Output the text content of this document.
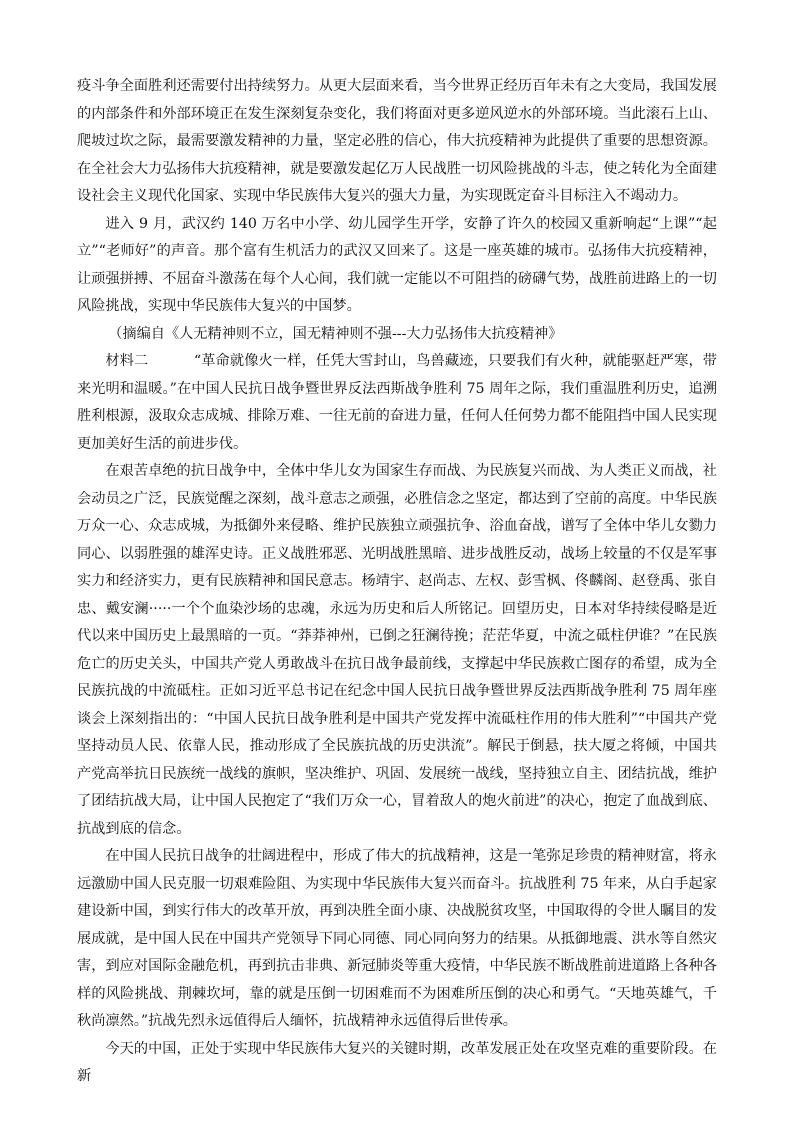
疫斗争全面胜利还需要付出持续努力。从更大层面来看，当今世界正经历百年未有之大变局，我国发展的内部条件和外部环境正在发生深刻复杂变化，我们将面对更多逆风逆水的外部环境。当此滚石上山、爬坡过坎之际，最需要激发精神的力量，坚定必胜的信心，伟大抗疫精神为此提供了重要的思想资源。在全社会大力弘扬伟大抗疫精神，就是要激发起亿万人民战胜一切风险挑战的斗志，使之转化为全面建设社会主义现代化国家、实现中华民族伟大复兴的强大力量，为实现既定奋斗目标注入不竭动力。

进入 9 月，武汉约 140 万名中小学、幼儿园学生开学，安静了许久的校园又重新响起“上课”“起立”“老师好”的声音。那个富有生机活力的武汉又回来了。这是一座英雄的城市。弘扬伟大抗疫精神，让顽强拼搏、不屈奋斗激荡在每个人心间，我们就一定能以不可阻挡的磅礴气势，战胜前进路上的一切风险挑战，实现中华民族伟大复兴的中国梦。

（摘编自《人无精神则不立，国无精神则不强---大力弘扬伟大抗疫精神》

材料二	“革命就像火一样，任凭大雪封山，鸟兽藏迹，只要我们有火种，就能驱赶严寒，带来光明和温暖。”在中国人民抗日战争暨世界反法西斯战争胜利 75 周年之际，我们重温胜利历史，追溯胜利根源，汲取众志成城、排除万难、一往无前的奋进力量，任何人任何势力都不能阻挡中国人民实现更加美好生活的前进步伐。

在艰苦卓绝的抗日战争中，全体中华儿女为国家生存而战、为民族复兴而战、为人类正义而战，社会动员之广泛，民族觉醒之深刻，战斗意志之顽强，必胜信念之坚定，都达到了空前的高度。中华民族万众一心、众志成城，为抵御外来侵略、维护民族独立顽强抗争、浴血奋战，谱写了全体中华儿女勠力同心、以弱胜强的雄浑史诗。正义战胜邪恶、光明战胜黑暗、进步战胜反动，战场上较量的不仅是军事实力和经济实力，更有民族精神和国民意志。杨靖宇、赵尚志、左权、彭雪枫、佟麟阁、赵登禹、张自忠、戴安澜·····一个个血染沙场的忠魂，永远为历史和后人所铭记。回望历史，日本对华持续侵略是近代以来中国历史上最黑暗的一页。“莽莽神州，已倒之狂澜待挽；茫茫华夏，中流之砥柱伊谁？”在民族危亡的历史关头，中国共产党人勇敢战斗在抗日战争最前线，支撑起中华民族救亡图存的希望，成为全民族抗战的中流砥柱。正如习近平总书记在纪念中国人民抗日战争暨世界反法西斯战争胜利 75 周年座谈会上深刻指出的：“中国人民抗日战争胜利是中国共产党发挥中流砥柱作用的伟大胜利”“中国共产党坚持动员人民、依靠人民，推动形成了全民族抗战的历史洪流”。解民于倒悬，扶大厦之将倾，中国共产党高举抗日民族统一战线的旗帜，坚决维护、巩固、发展统一战线，坚持独立自主、团结抗战，维护了团结抗战大局，让中国人民抱定了“我们万众一心，冒着敌人的炮火前进”的决心，抱定了血战到底、抗战到底的信念。

在中国人民抗日战争的壮阔进程中，形成了伟大的抗战精神，这是一笔弥足珍贵的精神财富，将永远激励中国人民克服一切艰难险阻、为实现中华民族伟大复兴而奋斗。抗战胜利 75 年来，从白手起家建设新中国，到实行伟大的改革开放，再到决胜全面小康、决战脱贫攻坚，中国取得的令世人瞩目的发展成就，是中国人民在中国共产党领导下同心同德、同心同向努力的结果。从抵御地震、洪水等自然灾害，到应对国际金融危机，再到抗击非典、新冠肺炎等重大疫情，中华民族不断战胜前进道路上各种各样的风险挑战、荆棘坎坷，靠的就是压倒一切困难而不为困难所压倒的决心和勇气。“天地英雄气，千秋尚凛然。”抗战先烈永远值得后人缅怀，抗战精神永远值得后世传承。

今天的中国，正处于实现中华民族伟大复兴的关键时期，改革发展正处在攻坚克难的重要阶段。在新
